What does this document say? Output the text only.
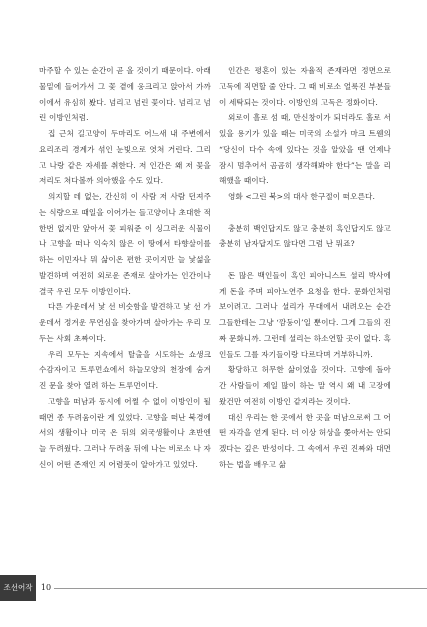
마주할 수 있는 순간이 곧 올 것이기 때문이다. 아래 물밑에 들어가서 그 꽃 곁에 웅크리고 앉아서 가까이에서 유심히 봤다. 넘리고 넘린 꽃이다. 넘리고 넘린 이방인처럼.

집 근처 길고양이 두마리도 어느새 내 주변에서 요리조리 경계가 섞인 눈빛으로 엿쳐 거린다. 그리고 나랑 같은 자세를 취한다. 저 인간은 왜 저 꽃을 저리도 쳐다볼까 의아했을 수도 있다.

의지할 데 없는, 간신히 이 사람 저 사람 던져주는 식량으로 때일을 이어가는 들고양이나 초대한 적 한번 없지만 앞아서 꽃 피워준 이 싱그러운 식물이나 고향을 떠나 익숙치 않은 이 땅에서 타향살이를 하는 이민자나 뭐 삶이온 편한 곳이지만 늘 낯섦을 발견하며 여전히 외로운 존재로 살아가는 인간이나 결국 우린 모두 이방인이다.

다른 가운데서 낯 선 비슷함을 발견하고 낯 선 가운데서 정겨운 무연심을 찾아가며 살아가는 우리 모두는 사회 초짜이다.

우리 모두는 지속에서 탈출을 시도하는 쇼생크 수감자이고 트루먼쇼에서 하늘모양의 천장에 숨겨진 문을 찾아 열려 하는 트루먼이다.

고향을 떠남과 동시에 어쩔 수 없이 이방인이 될 때면 종 두려움이란 게 있었다. 고향을 떠난 북경에서의 생활이나 미국 온 뒤의 외국생활이나 초반엔 늘 두려웠다. 그러나 두려움 뒤에 나는 비로소 나 자신이 어떤 존재인 지 어렴풋이 알아가고 있었다.

인간은 평혼이 있는 자율적 존재라면 정면으로 고독에 직면할 줄 안다. 그 때 비로소 얼룩진 부분들이 세탁되는 것이다. 이방인의 고독은 정화이다.

외로이 흘로 섬 때, 만신창이가 되더라도 홀로 서있을 용기가 있을 때는 미국의 소설가 마크 트웬의 “당신이 다수 속에 있다는 것을 알았을 땐 언제나 잠시 멈추어서 곰곰히 생각해봐야 한다”는 말을 리해했을 때이다.

영화 <그린 북>의 대사 한구절이 떠오른다.

충분히 백인답지도 않고 충분히 흑인답지도 않고 충분히 남자답지도 않다면 그럼 난 뭐죠?

돈 많은 백인들이 흑인 피아니스트 셜리 박사에게 돈을 주며 피아노연주 요청을 한다. 문화인처럼 보이려고. 그러나 셜리가 무대에서 내려오는 순간 그들한테는 그냥 ‘깜둥이’일 뿐이다. 그게 그들의 진짜 문화니까. 그런데 셜리는 하소연할 곳이 없다. 흑인들도 그를 자기들이랑 다르다며 거부하니까.

황당하고 허무한 삶이였을 것이다. 고향에 돌아간 사람들이 제일 많이 하는 말 역시 왜 내 고장에 왔건만 여전히 이방인 같지라는 것이다.

대신 우리는 한 곳에서 한 곳을 떠남으로써 그 어떤 자각을 얻게 된다. 더 이상 허상을 쫓아서는 안되겠다는 깊은 반성이다. 그 속에서 우린 진짜와 대면하는 법을 배우고 삶

조선어작품
10
